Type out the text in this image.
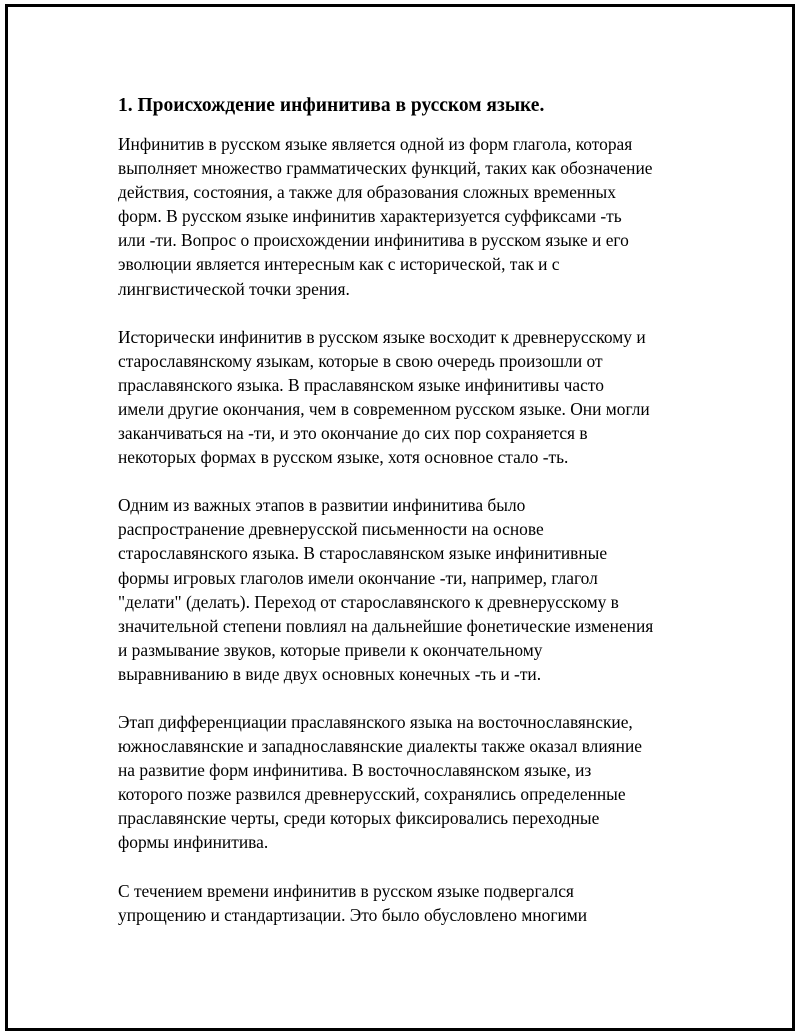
1. Происхождение инфинитива в русском языке.
Инфинитив в русском языке является одной из форм глагола, которая
выполняет множество грамматических функций, таких как обозначение
действия, состояния, а также для образования сложных временных
форм. В русском языке инфинитив характеризуется суффиксами -ть
или -ти. Вопрос о происхождении инфинитива в русском языке и его
эволюции является интересным как с исторической, так и с
лингвистической точки зрения.
Исторически инфинитив в русском языке восходит к древнерусскому и
старославянскому языкам, которые в свою очередь произошли от
праславянского языка. В праславянском языке инфинитивы часто
имели другие окончания, чем в современном русском языке. Они могли
заканчиваться на -ти, и это окончание до сих пор сохраняется в
некоторых формах в русском языке, хотя основное стало -ть.
Одним из важных этапов в развитии инфинитива было
распространение древнерусской письменности на основе
старославянского языка. В старославянском языке инфинитивные
формы игровых глаголов имели окончание -ти, например, глагол
"делати" (делать). Переход от старославянского к древнерусскому в
значительной степени повлиял на дальнейшие фонетические изменения
и размывание звуков, которые привели к окончательному
выравниванию в виде двух основных конечных -ть и -ти.
Этап дифференциации праславянского языка на восточнославянские,
южнославянские и западнославянские диалекты также оказал влияние
на развитие форм инфинитива. В восточнославянском языке, из
которого позже развился древнерусский, сохранялись определенные
праславянские черты, среди которых фиксировались переходные
формы инфинитива.
С течением времени инфинитив в русском языке подвергался
упрощению и стандартизации. Это было обусловлено многими
